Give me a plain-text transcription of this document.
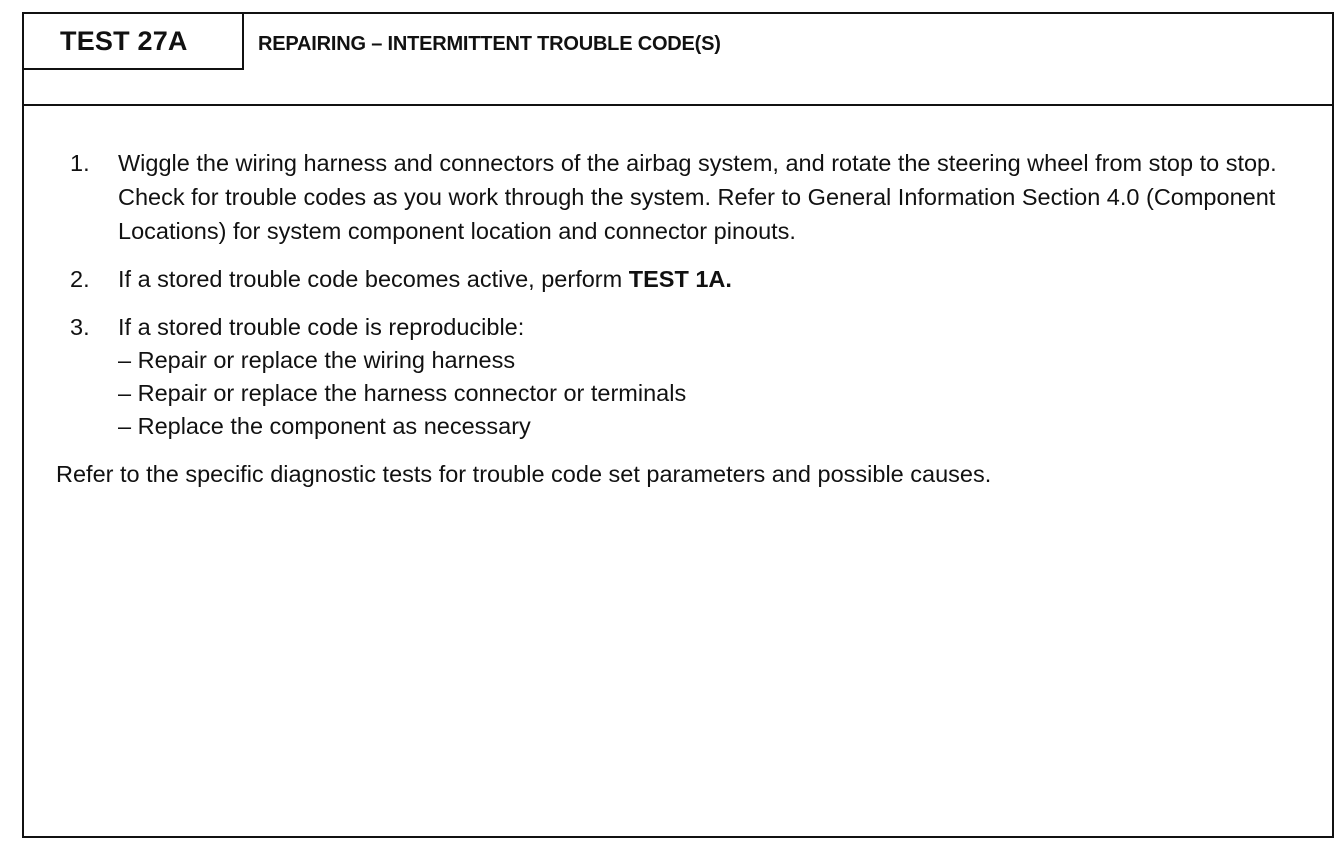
TEST 27A	REPAIRING – INTERMITTENT TROUBLE CODE(S)
1. Wiggle the wiring harness and connectors of the airbag system, and rotate the steering wheel from stop to stop. Check for trouble codes as you work through the system. Refer to General Information Section 4.0 (Component Locations) for system component location and connector pinouts.
2. If a stored trouble code becomes active, perform TEST 1A.
3. If a stored trouble code is reproducible:
– Repair or replace the wiring harness
– Repair or replace the harness connector or terminals
– Replace the component as necessary
Refer to the specific diagnostic tests for trouble code set parameters and possible causes.
